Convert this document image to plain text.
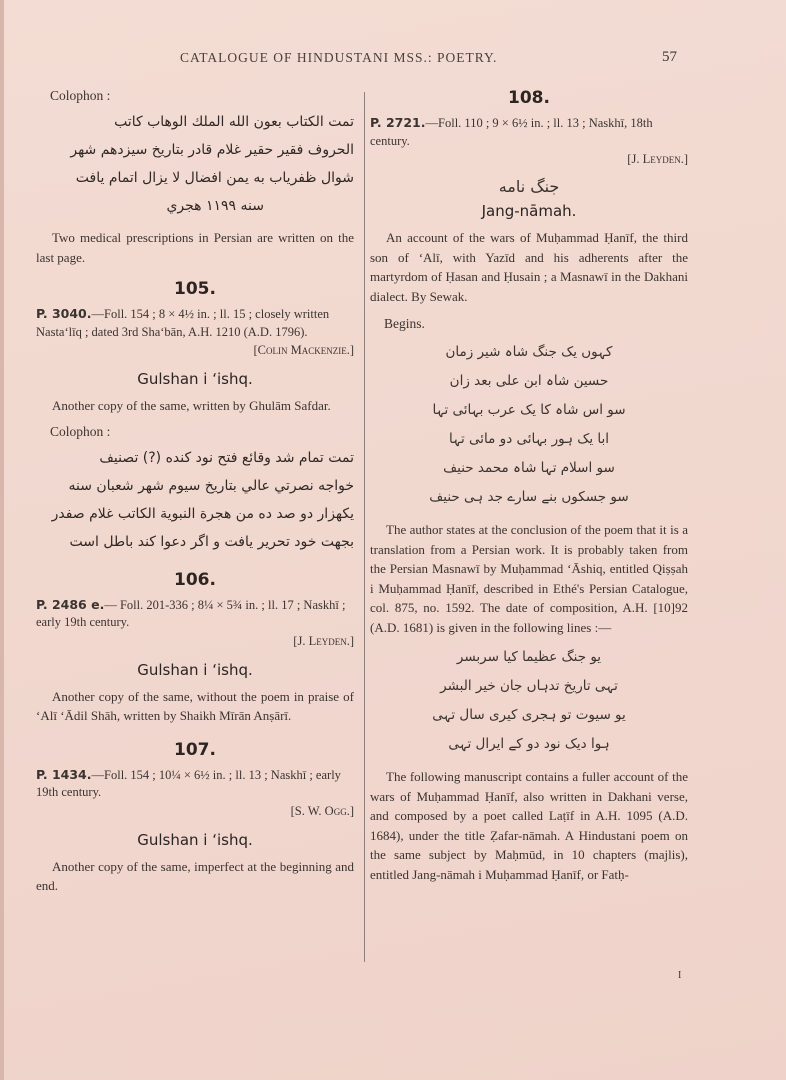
CATALOGUE OF HINDUSTANI MSS.: POETRY.	57

Colophon :

تمت الكتاب بعون الله الملك الوهاب كاتب

الحروف فقير حقير غلام قادر بتاريخ سيزدهم شهر

شوال ظفرياب به يمن افضال لا يزال اتمام يافت

سنه ١١٩٩ هجري

Two medical prescriptions in Persian are written on the last page.

105.

P. 3040.—Foll. 154 ; 8 × 4½ in. ; ll. 15 ; closely written Nasta‘līq ; dated 3rd Sha‘bān, A.H. 1210 (A.D. 1796).

[Colin Mackenzie.]

Gulshan i ‘ishq.

Another copy of the same, written by Ghulām Safdar.

Colophon :

تمت تمام شد وقائع فتح نود كنده (?) تصنيف

خواجه نصرتي عالي بتاريخ سيوم شهر شعبان سنه

يكهزار دو صد ده من هجرة النبوية الكاتب غلام صفدر

بجهت خود تحرير يافت و اگر دعوا كند باطل است

106.

P. 2486 e.— Foll. 201-336 ; 8¼ × 5¾ in. ; ll. 17 ; Naskhī ; early 19th century.

[J. Leyden.]

Gulshan i ‘ishq.

Another copy of the same, without the poem in praise of ‘Alī ‘Ādil Shāh, written by Shaikh Mīrān Anṣārī.

107.

P. 1434.—Foll. 154 ; 10¼ × 6½ in. ; ll. 13 ; Naskhī ; early 19th century.

[S. W. Ogg.]

Gulshan i ‘ishq.

Another copy of the same, imperfect at the beginning and end.

108.

P. 2721.—Foll. 110 ; 9 × 6½ in. ; ll. 13 ; Naskhī, 18th century.

[J. Leyden.]

جنگ نامه
Jang-nāmah.

An account of the wars of Muḥammad Ḥanīf, the third son of ‘Alī, with Yazīd and his adherents after the martyrdom of Ḥasan and Ḥusain ; a Masnawī in the Dakhani dialect. By Sewak.

Begins.

کہوں یک جنگ شاہ شیر زمان

حسین شاہ ابن علی بعد زان

سو اس شاہ کا یک عرب بہائی تہا

ابا یک ہور بہائی دو مائی تہا

سو اسلام تہا شاہ محمد حنیف

سو جسکوں بنے سارے جد ہی حنیف

The author states at the conclusion of the poem that it is a translation from a Persian work. It is probably taken from the Persian Masnawī by Muḥammad ‘Āshiq, entitled Qiṣṣah i Muḥammad Ḥanīf, described in Ethé's Persian Catalogue, col. 875, no. 1592. The date of composition, A.H. [10]92 (A.D. 1681) is given in the following lines :—

یو جنگ عظیما کیا سربسر

تہی تاریخ تدہاں جان خیر البشر

یو سیوت تو ہجری کیری سال تہی

ہوا دیک نود دو کے ایرال تہی

The following manuscript contains a fuller account of the wars of Muḥammad Ḥanīf, also written in Dakhani verse, and composed by a poet called Laṭīf in A.H. 1095 (A.D. 1684), under the title Ẓafar-nāmah. A Hindustani poem on the same subject by Maḥmūd, in 10 chapters (majlis), entitled Jang-nāmah i Muḥammad Ḥanīf, or Fatḥ-

I
